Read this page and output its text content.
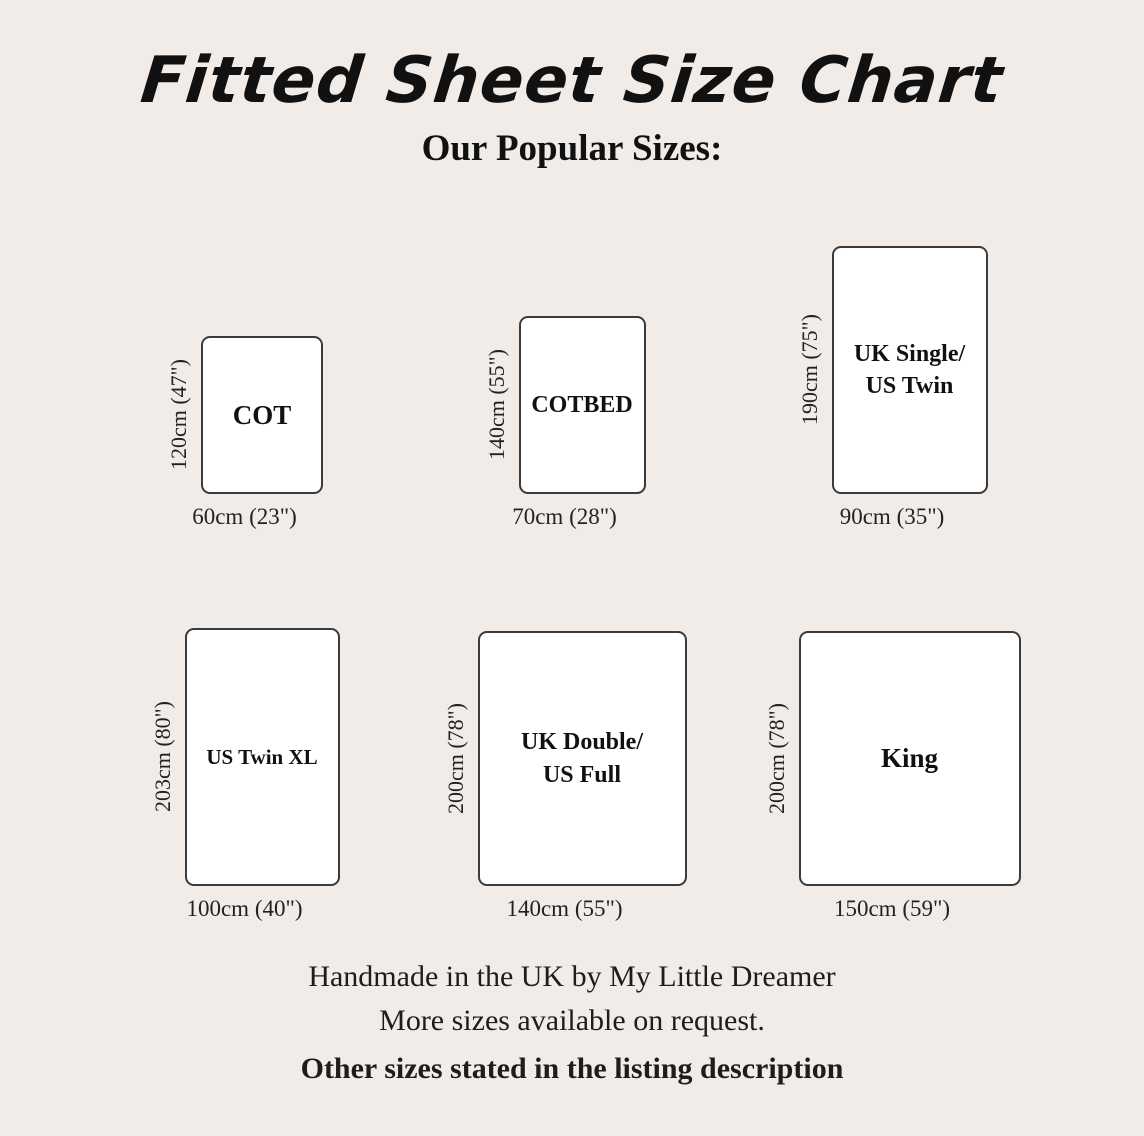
Fitted Sheet Size Chart
Our Popular Sizes:
120cm (47") COT
60cm (23")
140cm (55") COTBED
70cm (28")
190cm (75")	UK Single/
US Twin
90cm (35")
203cm (80")	US Twin XL
100cm (40")
200cm (78")	UK Double/
US Full
140cm (55")
200cm (78")	King
150cm (59")

Handmade in the UK by My Little Dreamer

More sizes available on request.

Other sizes stated in the listing description
